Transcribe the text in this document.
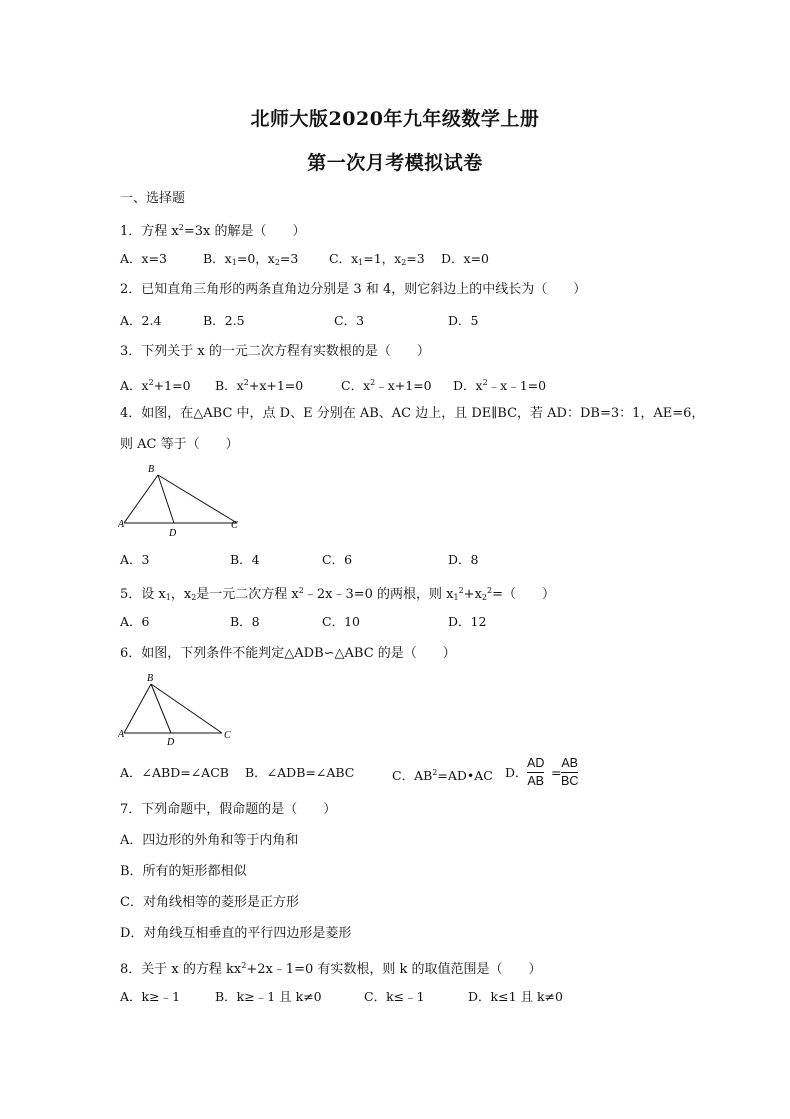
北师大版2020年九年级数学上册
第一次月考模拟试卷
一、选择题
1．方程 $x^2=3x$ 的解是（　　）
A．x=3	B．$x_1=0$，$x_2=3$ C．$x_1=1$，$x_2=3$ D．x=0
2．已知直角三角形的两条直角边分别是 3 和 4，则它斜边上的中线长为（　　）
A．2.4	B．2.5	C．3	D．5
3．下列关于 x 的一元二次方程有实数根的是（　　）
A．$x^2+1=0$ B．$x^2+x+1=0$	C．$x^2﹣x+1=0$ D．$x^2﹣x﹣1=0$
4．如图，在△ABC 中，点 D、E 分别在 AB、AC 边上，且 DE∥BC，若 AD：DB=3：1，AE=6，
则 AC 等于（　　）
B
A	C
D
A．3	B．4	C．6	D．8
5．设 $x_1$，$x_2$是一元二次方程 $x^2﹣2x﹣3=0$ 的两根，则 $x_1^2+x_2^2=$（　　）
A．6	B．8	C．10	D．12
6．如图，下列条件不能判定△ADB∽△ABC 的是（　　）
B
A	C
D
A．∠ABD=∠ACB B．∠ADB=∠ABC	C．$AB^2=AD•AC$ D．
AD
AB
=
AB
BC
7．下列命题中，假命题的是（　　）
A．四边形的外角和等于内角和
B．所有的矩形都相似
C．对角线相等的菱形是正方形
D．对角线互相垂直的平行四边形是菱形
8．关于 x 的方程 $kx^2+2x﹣1=0$ 有实数根，则 k 的取值范围是（　　）
A．k≥﹣1	B．k≥﹣1 且 k≠0	C．k≤﹣1	D．k≤1 且 k≠0
